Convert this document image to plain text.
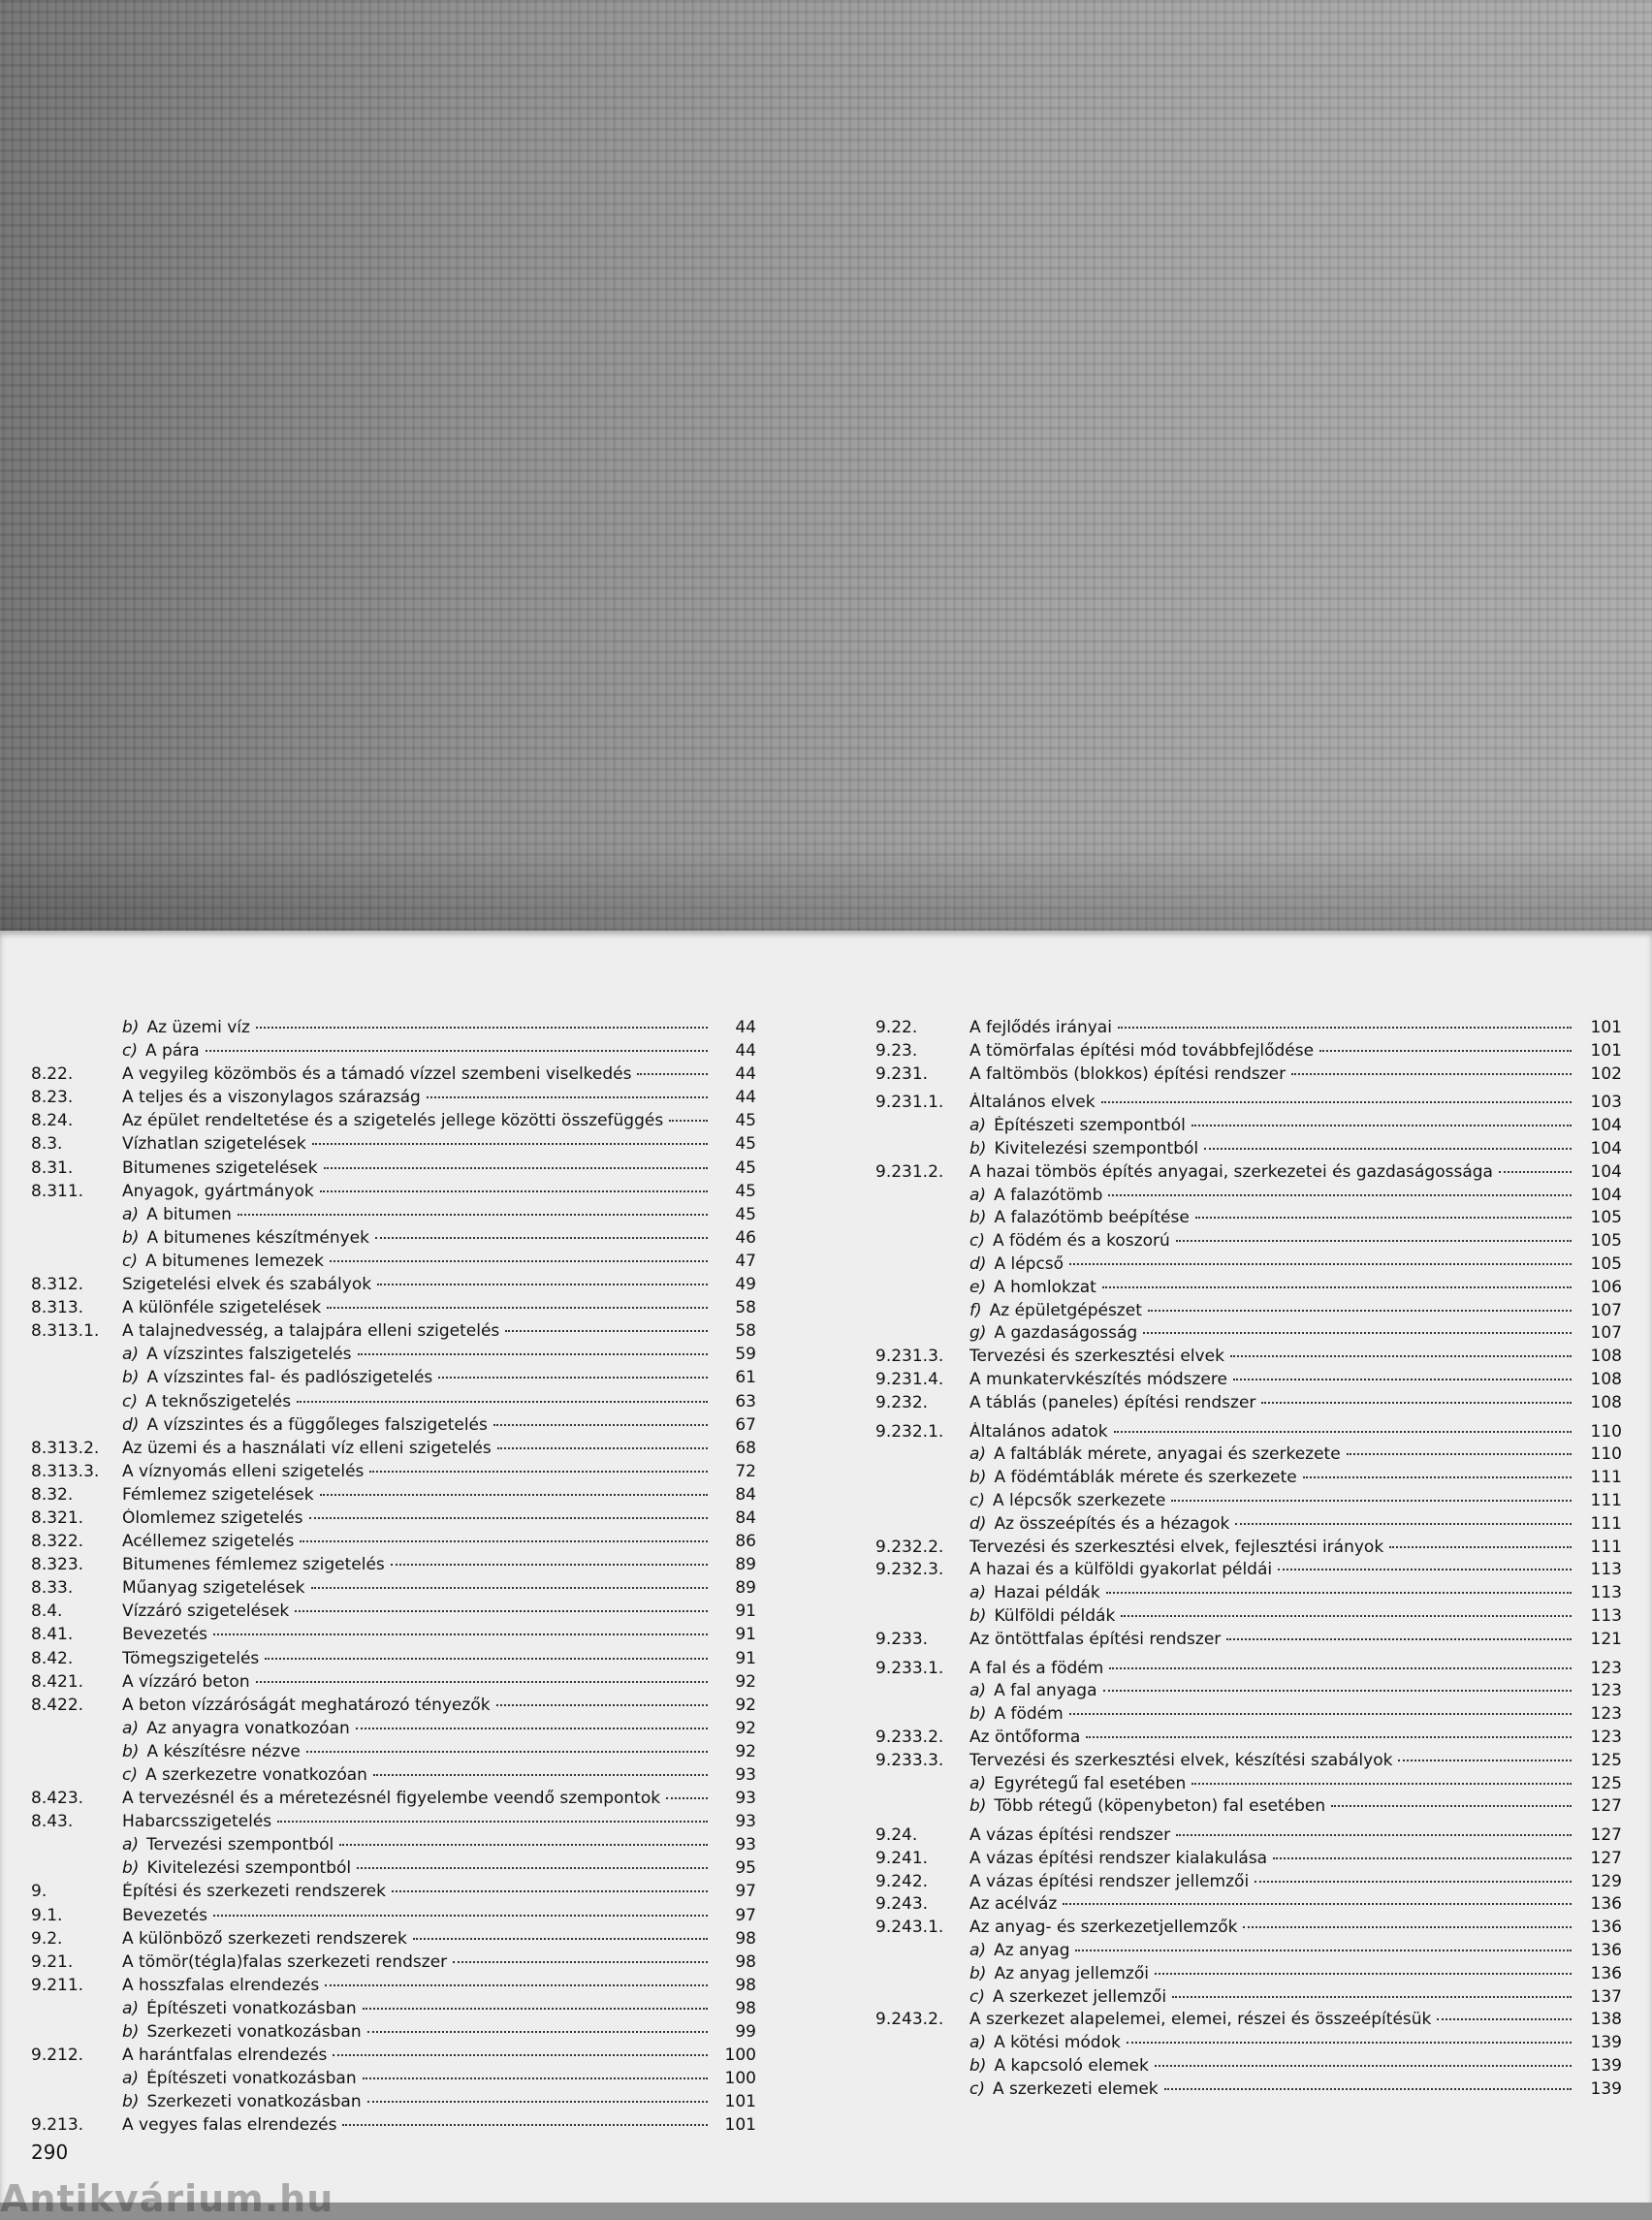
b) Az üzemi víz	44
c) A pára	44
8.22.	A vegyileg közömbös és a támadó vízzel szembeni viselkedés	44
8.23.	A teljes és a viszonylagos szárazság	44
8.24.	Az épület rendeltetése és a szigetelés jellege közötti összefüggés	45
8.3.	Vízhatlan szigetelések	45
8.31.	Bitumenes szigetelések	45
8.311.	Anyagok, gyártmányok	45
a) A bitumen	45
b) A bitumenes készítmények	46
c) A bitumenes lemezek	47
8.312.	Szigetelési elvek és szabályok	49
8.313.	A különféle szigetelések	58
8.313.1.	A talajnedvesség, a talajpára elleni szigetelés	58
a) A vízszintes falszigetelés	59
b) A vízszintes fal- és padlószigetelés	61
c) A teknőszigetelés	63
d) A vízszintes és a függőleges falszigetelés	67
8.313.2.	Az üzemi és a használati víz elleni szigetelés	68
8.313.3.	A víznyomás elleni szigetelés	72
8.32.	Fémlemez szigetelések	84
8.321.	Ólomlemez szigetelés	84
8.322.	Acéllemez szigetelés	86
8.323.	Bitumenes fémlemez szigetelés	89
8.33.	Műanyag szigetelések	89
8.4.	Vízzáró szigetelések	91
8.41.	Bevezetés	91
8.42.	Tömegszigetelés	91
8.421.	A vízzáró beton	92
8.422.	A beton vízzáróságát meghatározó tényezők	92
a) Az anyagra vonatkozóan	92
b) A készítésre nézve	92
c) A szerkezetre vonatkozóan	93
8.423.	A tervezésnél és a méretezésnél figyelembe veendő szempontok	93
8.43.	Habarcsszigetelés	93
a) Tervezési szempontból	93
b) Kivitelezési szempontból	95
9.	Építési és szerkezeti rendszerek	97
9.1.	Bevezetés	97
9.2.	A különböző szerkezeti rendszerek	98
9.21.	A tömör(tégla)falas szerkezeti rendszer	98
9.211.	A hosszfalas elrendezés	98
a) Építészeti vonatkozásban	98
b) Szerkezeti vonatkozásban	99
9.212.	A harántfalas elrendezés	100
a) Építészeti vonatkozásban	100
b) Szerkezeti vonatkozásban	101
9.213.	A vegyes falas elrendezés	101
9.22.	A fejlődés irányai	101
9.23.	A tömörfalas építési mód továbbfejlődése	101
9.231.	A faltömbös (blokkos) építési rendszer	102
9.231.1.	Általános elvek	103
a) Építészeti szempontból	104
b) Kivitelezési szempontból	104
9.231.2.	A hazai tömbös építés anyagai, szerkezetei és gazdaságossága	104
a) A falazótömb	104
b) A falazótömb beépítése	105
c) A födém és a koszorú	105
d) A lépcső	105
e) A homlokzat	106
f) Az épületgépészet	107
g) A gazdaságosság	107
9.231.3.	Tervezési és szerkesztési elvek	108
9.231.4.	A munkatervkészítés módszere	108
9.232.	A táblás (paneles) építési rendszer	108
9.232.1.	Általános adatok	110
a) A faltáblák mérete, anyagai és szerkezete	110
b) A födémtáblák mérete és szerkezete	111
c) A lépcsők szerkezete	111
d) Az összeépítés és a hézagok	111
9.232.2.	Tervezési és szerkesztési elvek, fejlesztési irányok	111
9.232.3.	A hazai és a külföldi gyakorlat példái	113
a) Hazai példák	113
b) Külföldi példák	113
9.233.	Az öntöttfalas építési rendszer	121
9.233.1.	A fal és a födém	123
a) A fal anyaga	123
b) A födém	123
9.233.2.	Az öntőforma	123
9.233.3.	Tervezési és szerkesztési elvek, készítési szabályok	125
a) Egyrétegű fal esetében	125
b) Több rétegű (köpenybeton) fal esetében	127
9.24.	A vázas építési rendszer	127
9.241.	A vázas építési rendszer kialakulása	127
9.242.	A vázas építési rendszer jellemzői	129
9.243.	Az acélváz	136
9.243.1.	Az anyag- és szerkezetjellemzők	136
a) Az anyag	136
b) Az anyag jellemzői	136
c) A szerkezet jellemzői	137
9.243.2.	A szerkezet alapelemei, elemei, részei és összeépítésük	138
a) A kötési módok	139
b) A kapcsoló elemek	139
c) A szerkezeti elemek	139
290
Antikvárium.hu
